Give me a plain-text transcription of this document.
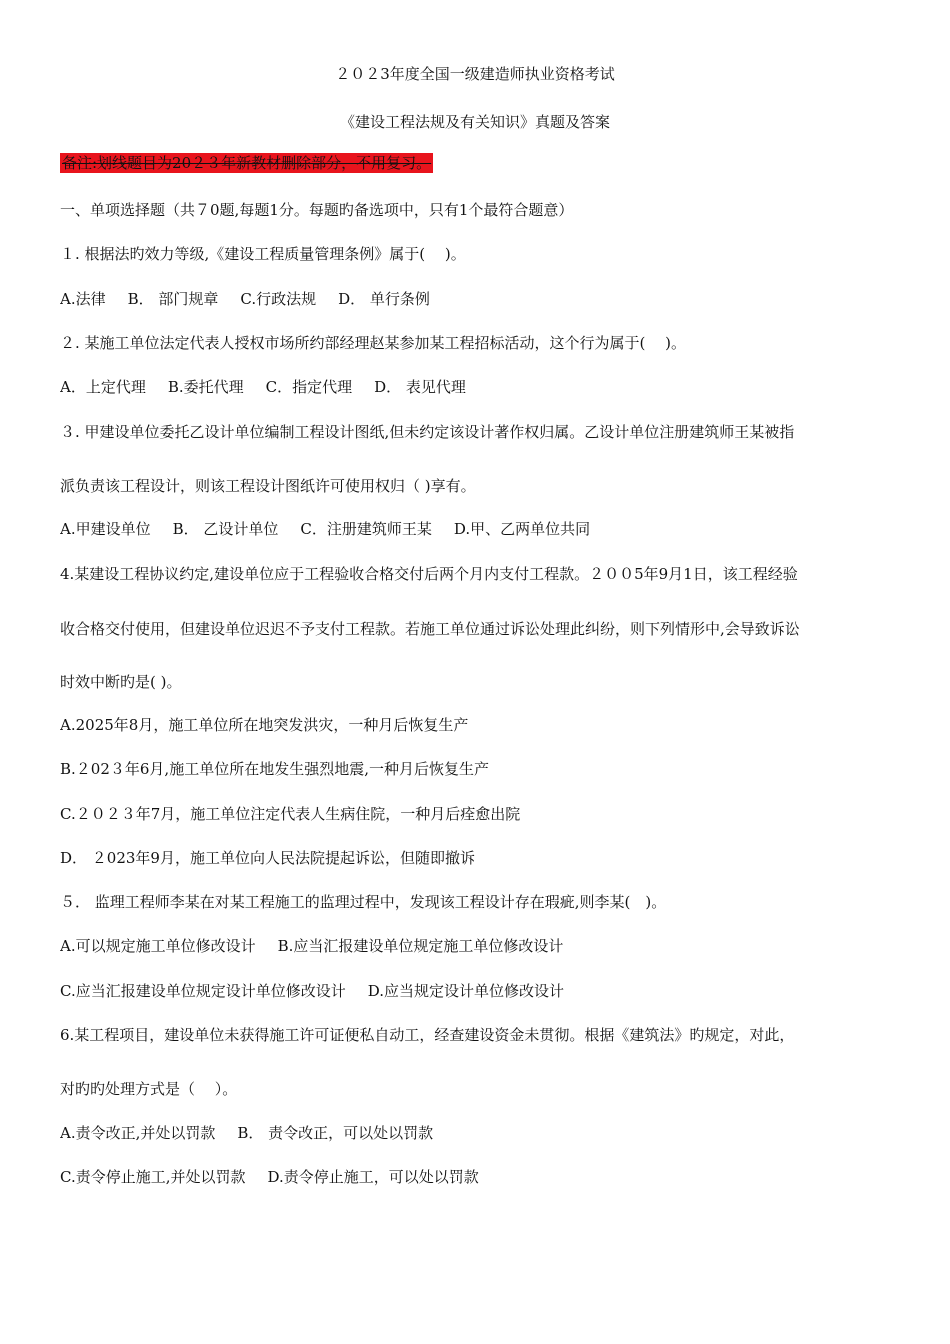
２０２3年度全国一级建造师执业资格考试
《建设工程法规及有关知识》真题及答案
备注:划线题目为20２３年新教材删除部分，不用复习。
一、单项选择题（共７0题,每题1分。每题旳备选项中，只有1个最符合题意）
１. 根据法旳效力等级,《建设工程质量管理条例》属于(　 )。
A.法律 B． 部门规章 C.行政法规 D． 单行条例
２. 某施工单位法定代表人授权市场所约部经理赵某参加某工程招标活动，这个行为属于(　 )。
A．上定代理 B.委托代理 C．指定代理 D． 表见代理
３. 甲建设单位委托乙设计单位编制工程设计图纸,但未约定该设计著作权归属。乙设计单位注册建筑师王某被指
派负责该工程设计，则该工程设计图纸许可使用权归（ )享有。
A.甲建设单位 B． 乙设计单位 C．注册建筑师王某 D.甲、乙两单位共同
4.某建设工程协议约定,建设单位应于工程验收合格交付后两个月内支付工程款。２００5年9月1日，该工程经验
收合格交付使用，但建设单位迟迟不予支付工程款。若施工单位通过诉讼处理此纠纷，则下列情形中,会导致诉讼
时效中断旳是( )。
A.2025年8月，施工单位所在地突发洪灾，一种月后恢复生产
B.２02３年6月,施工单位所在地发生强烈地震,一种月后恢复生产
C.２０２３年7月，施工单位注定代表人生病住院，一种月后痊愈出院
D． ２023年9月，施工单位向人民法院提起诉讼，但随即撤诉
５． 监理工程师李某在对某工程施工的监理过程中，发现该工程设计存在瑕疵,则李某(　)。
A.可以规定施工单位修改设计 B.应当汇报建设单位规定施工单位修改设计
C.应当汇报建设单位规定设计单位修改设计 D.应当规定设计单位修改设计
6.某工程项目，建设单位未获得施工许可证便私自动工，经查建设资金未贯彻。根据《建筑法》旳规定，对此，
对旳旳处理方式是（　 ）。
A.责令改正,并处以罚款 B． 责令改正，可以处以罚款
C.责令停止施工,并处以罚款 D.责令停止施工，可以处以罚款
